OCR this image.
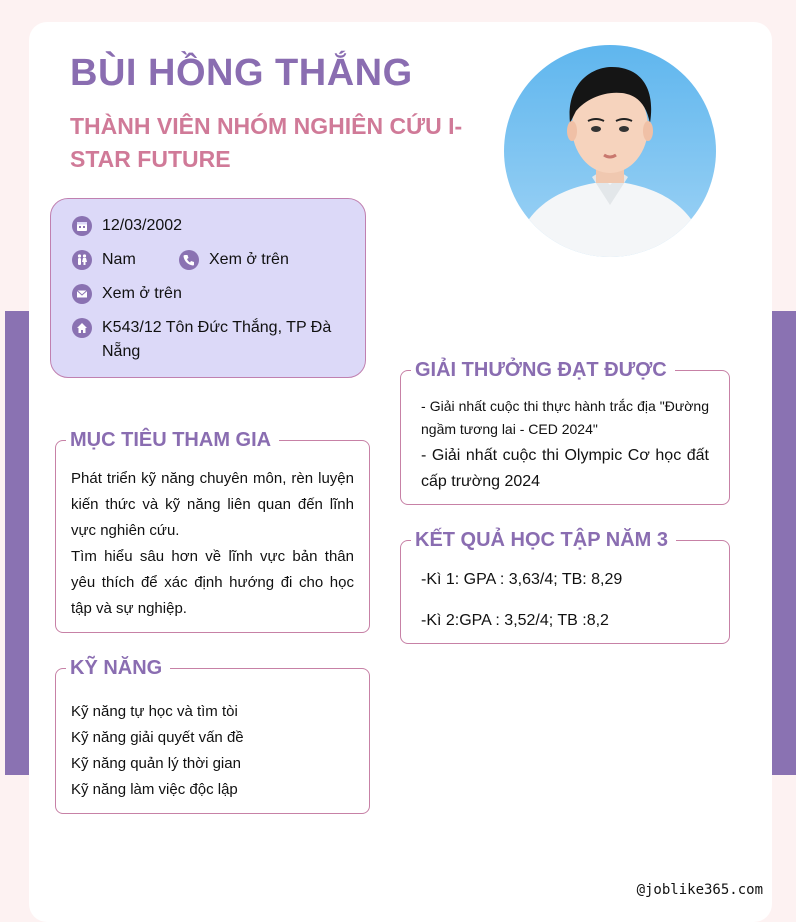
BÙI HỒNG THẮNG
THÀNH VIÊN NHÓM NGHIÊN CỨU I-STAR FUTURE
12/03/2002
Nam	Xem ở trên
Xem ở trên
K543/12 Tôn Đức Thắng, TP Đà Nẵng
MỤC TIÊU THAM GIA

Phát triển kỹ năng chuyên môn, rèn luyện kiến thức và kỹ năng liên quan đến lĩnh vực nghiên cứu.

Tìm hiểu sâu hơn về lĩnh vực bản thân yêu thích để xác định hướng đi cho học tập và sự nghiệp.

KỸ NĂNG

Kỹ năng tự học và tìm tòi

Kỹ năng giải quyết vấn đề

Kỹ năng quản lý thời gian

Kỹ năng làm việc độc lập

GIẢI THƯỞNG ĐẠT ĐƯỢC

- Giải nhất cuộc thi thực hành trắc địa "Đường ngầm tương lai - CED 2024"

- Giải nhất cuộc thi Olympic Cơ học đất cấp trường 2024

KẾT QUẢ HỌC TẬP NĂM 3

-Kì 1: GPA : 3,63/4; TB: 8,29

-Kì 2:GPA : 3,52/4; TB :8,2

@joblike365.com
